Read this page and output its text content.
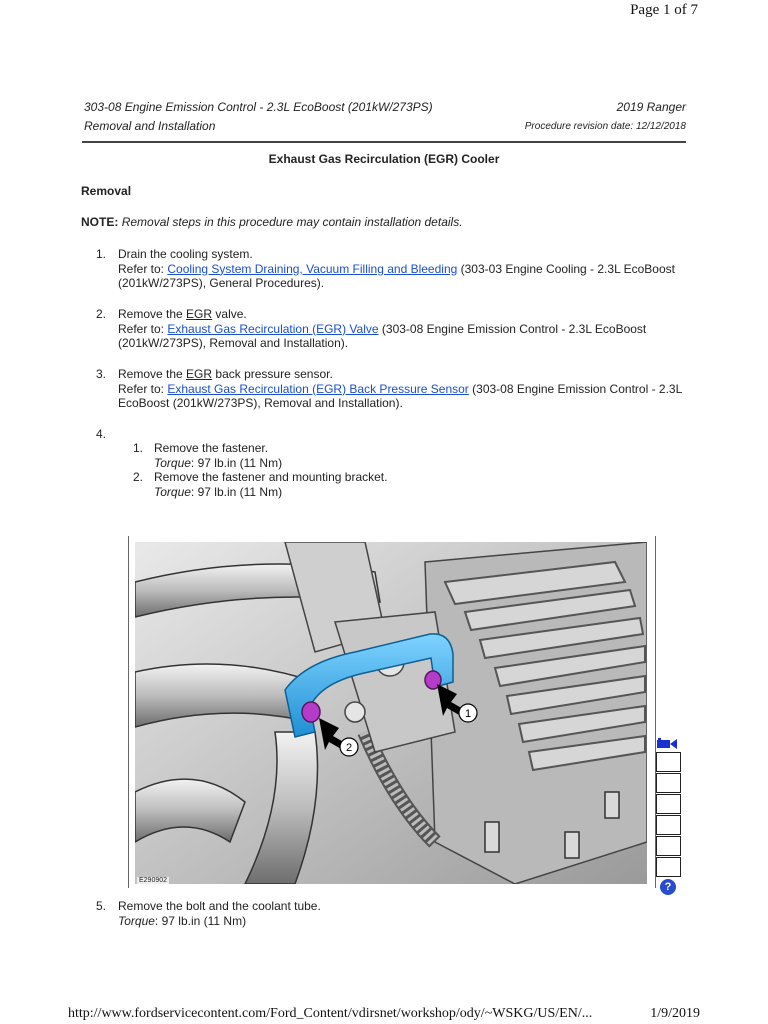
Page 1 of 7
303-08 Engine Emission Control - 2.3L EcoBoost (201kW/273PS)	2019 Ranger
Removal and Installation	Procedure revision date: 12/12/2018
Exhaust Gas Recirculation (EGR) Cooler
Removal
NOTE: Removal steps in this procedure may contain installation details.
1. Drain the cooling system.
Refer to: Cooling System Draining, Vacuum Filling and Bleeding (303-03 Engine Cooling - 2.3L EcoBoost
(201kW/273PS), General Procedures).
2. Remove the EGR valve.
Refer to: Exhaust Gas Recirculation (EGR) Valve (303-08 Engine Emission Control - 2.3L EcoBoost
(201kW/273PS), Removal and Installation).
3. Remove the EGR back pressure sensor.
Refer to: Exhaust Gas Recirculation (EGR) Back Pressure Sensor (303-08 Engine Emission Control - 2.3L
EcoBoost (201kW/273PS), Removal and Installation).
4.
1. Remove the fastener.
Torque: 97 lb.in (11 Nm)
2. Remove the fastener and mounting bracket.
Torque: 97 lb.in (11 Nm)
1
2
E290902
?
5. Remove the bolt and the coolant tube.
Torque: 97 lb.in (11 Nm)
http://www.fordservicecontent.com/Ford_Content/vdirsnet/workshop/ody/~WSKG/US/EN/...	1/9/2019
